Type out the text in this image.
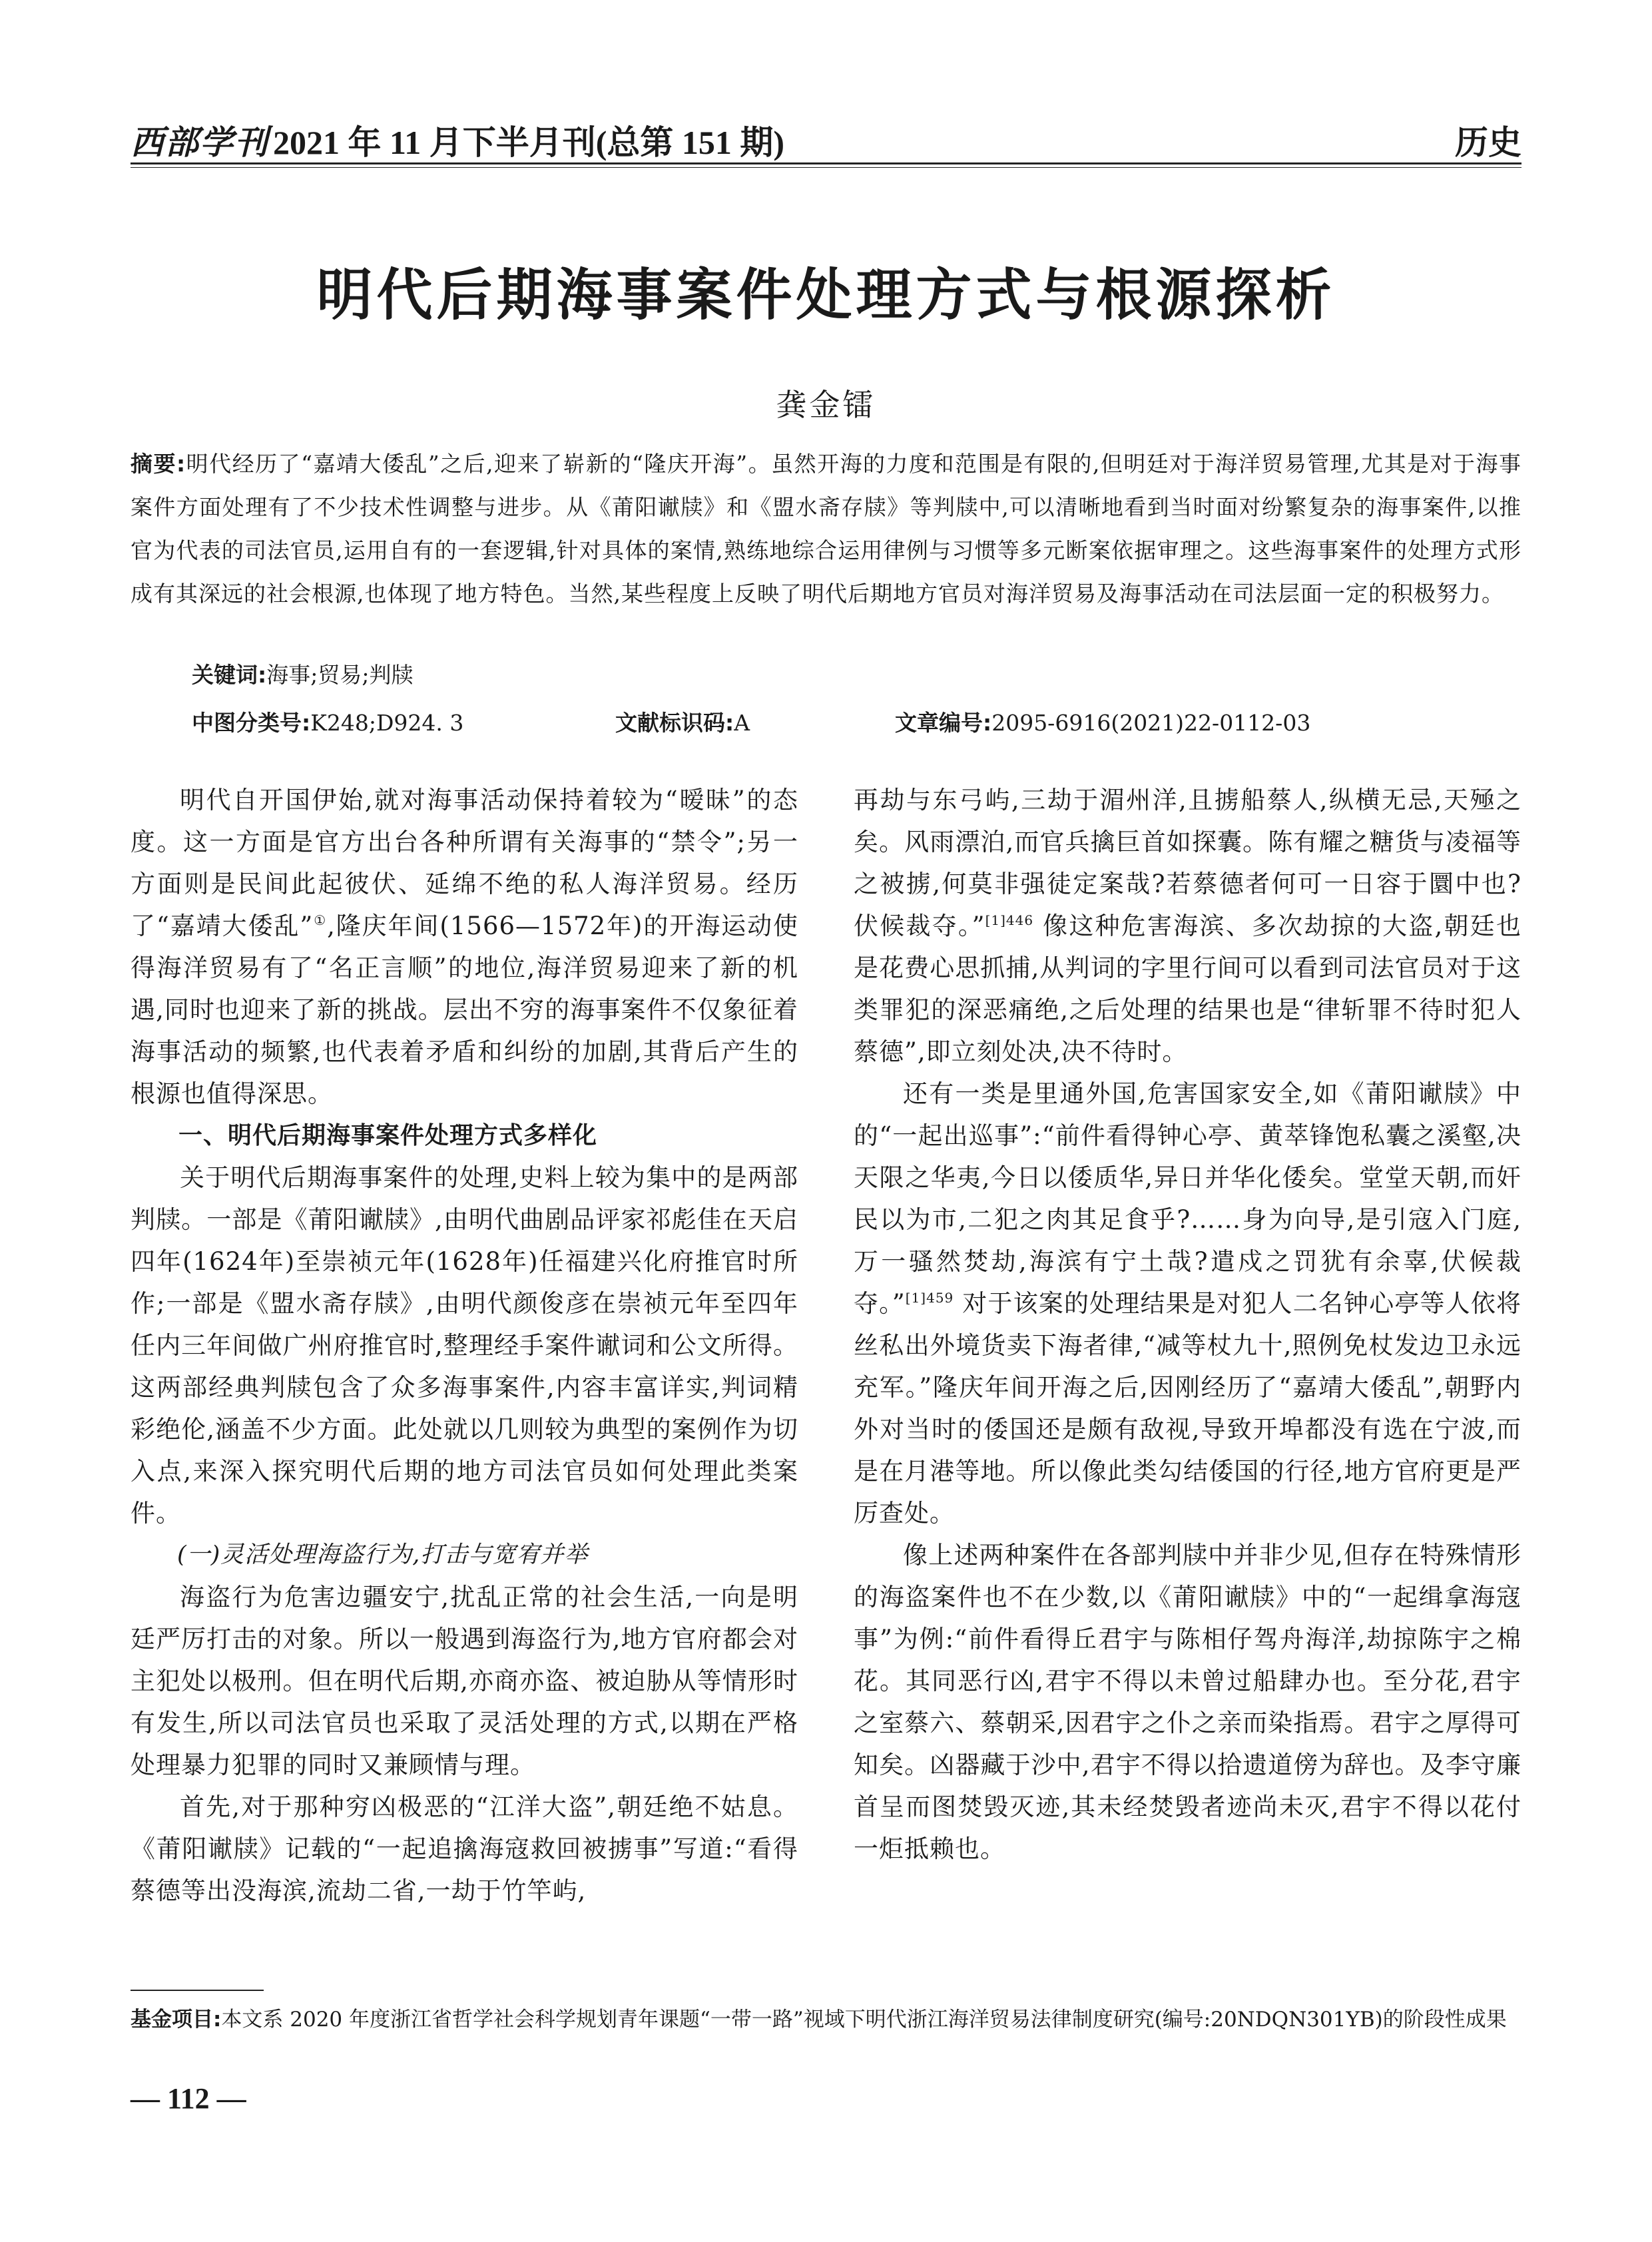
西部学刊 2021 年 11 月下半月刊(总第 151 期)	历史
明代后期海事案件处理方式与根源探析
龚金镭
摘要:明代经历了“嘉靖大倭乱”之后,迎来了崭新的“隆庆开海”。虽然开海的力度和范围是有限的,但明廷对于海洋贸易管理,尤其是对于海事案件方面处理有了不少技术性调整与进步。从《莆阳谳牍》和《盟水斋存牍》等判牍中,可以清晰地看到当时面对纷繁复杂的海事案件,以推官为代表的司法官员,运用自有的一套逻辑,针对具体的案情,熟练地综合运用律例与习惯等多元断案依据审理之。这些海事案件的处理方式形成有其深远的社会根源,也体现了地方特色。当然,某些程度上反映了明代后期地方官员对海洋贸易及海事活动在司法层面一定的积极努力。
关键词:海事;贸易;判牍
中图分类号:K248;D924. 3	文献标识码:A	文章编号:2095-6916(2021)22-0112-03

明代自开国伊始,就对海事活动保持着较为“暧昧”的态度。这一方面是官方出台各种所谓有关海事的“禁令”;另一方面则是民间此起彼伏、延绵不绝的私人海洋贸易。经历了“嘉靖大倭乱”①,隆庆年间(1566—1572年)的开海运动使得海洋贸易有了“名正言顺”的地位,海洋贸易迎来了新的机遇,同时也迎来了新的挑战。层出不穷的海事案件不仅象征着海事活动的频繁,也代表着矛盾和纠纷的加剧,其背后产生的根源也值得深思。

一、明代后期海事案件处理方式多样化

关于明代后期海事案件的处理,史料上较为集中的是两部判牍。一部是《莆阳谳牍》,由明代曲剧品评家祁彪佳在天启四年(1624年)至崇祯元年(1628年)任福建兴化府推官时所作;一部是《盟水斋存牍》,由明代颜俊彦在崇祯元年至四年任内三年间做广州府推官时,整理经手案件谳词和公文所得。这两部经典判牍包含了众多海事案件,内容丰富详实,判词精彩绝伦,涵盖不少方面。此处就以几则较为典型的案例作为切入点,来深入探究明代后期的地方司法官员如何处理此类案件。

(一)灵活处理海盗行为,打击与宽宥并举

海盗行为危害边疆安宁,扰乱正常的社会生活,一向是明廷严厉打击的对象。所以一般遇到海盗行为,地方官府都会对主犯处以极刑。但在明代后期,亦商亦盗、被迫胁从等情形时有发生,所以司法官员也采取了灵活处理的方式,以期在严格处理暴力犯罪的同时又兼顾情与理。

首先,对于那种穷凶极恶的“江洋大盗”,朝廷绝不姑息。《莆阳谳牍》记载的“一起追擒海寇救回被掳事”写道:“看得蔡德等出没海滨,流劫二省,一劫于竹竿屿,

再劫与东弓屿,三劫于湄州洋,且掳船蔡人,纵横无忌,天殛之矣。风雨漂泊,而官兵擒巨首如探囊。陈有耀之糖货与凌福等之被掳,何莫非强徒定案哉?若蔡德者何可一日容于圜中也?伏候裁夺。”$^{[1]446}$ 像这种危害海滨、多次劫掠的大盗,朝廷也是花费心思抓捕,从判词的字里行间可以看到司法官员对于这类罪犯的深恶痛绝,之后处理的结果也是“律斩罪不待时犯人蔡德”,即立刻处决,决不待时。

还有一类是里通外国,危害国家安全,如《莆阳谳牍》中的“一起出巡事”:“前件看得钟心亭、黄萃锋饱私囊之溪壑,决天限之华夷,今日以倭质华,异日并华化倭矣。堂堂天朝,而奸民以为市,二犯之肉其足食乎?……身为向导,是引寇入门庭,万一骚然焚劫,海滨有宁土哉?遣戍之罚犹有余辜,伏候裁夺。”$^{[1]459}$ 对于该案的处理结果是对犯人二名钟心亭等人依将丝私出外境货卖下海者律,“减等杖九十,照例免杖发边卫永远充军。”隆庆年间开海之后,因刚经历了“嘉靖大倭乱”,朝野内外对当时的倭国还是颇有敌视,导致开埠都没有选在宁波,而是在月港等地。所以像此类勾结倭国的行径,地方官府更是严厉查处。

像上述两种案件在各部判牍中并非少见,但存在特殊情形的海盗案件也不在少数,以《莆阳谳牍》中的“一起缉拿海寇事”为例:“前件看得丘君宇与陈相仔驾舟海洋,劫掠陈宇之棉花。其同恶行凶,君宇不得以未曾过船肆办也。至分花,君宇之室蔡六、蔡朝采,因君宇之仆之亲而染指焉。君宇之厚得可知矣。凶器藏于沙中,君宇不得以拾遗道傍为辞也。及李守廉首呈而图焚毁灭迹,其未经焚毁者迹尚未灭,君宇不得以花付一炬抵赖也。

基金项目:本文系 2020 年度浙江省哲学社会科学规划青年课题“一带一路”视域下明代浙江海洋贸易法律制度研究(编号:20NDQN301YB)的阶段性成果
— 112 —
